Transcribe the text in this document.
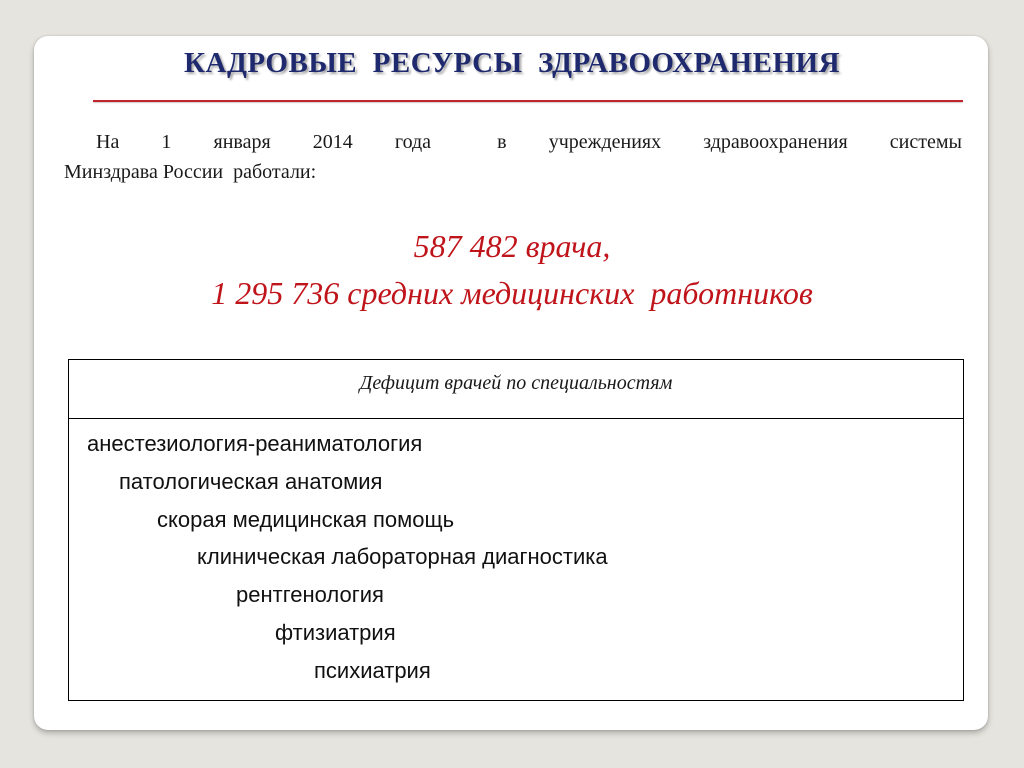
КАДРОВЫЕ  РЕСУРСЫ  ЗДРАВООХРАНЕНИЯ
На 1 января 2014 года	в учреждениях здравоохранения системы
Минздрава России  работали:
587 482 врача,
1 295 736 средних медицинских  работников
Дефицит врачей по специальностям
анестезиология-реаниматология
патологическая анатомия
скорая медицинская помощь
клиническая лабораторная диагностика
рентгенология
фтизиатрия
психиатрия
